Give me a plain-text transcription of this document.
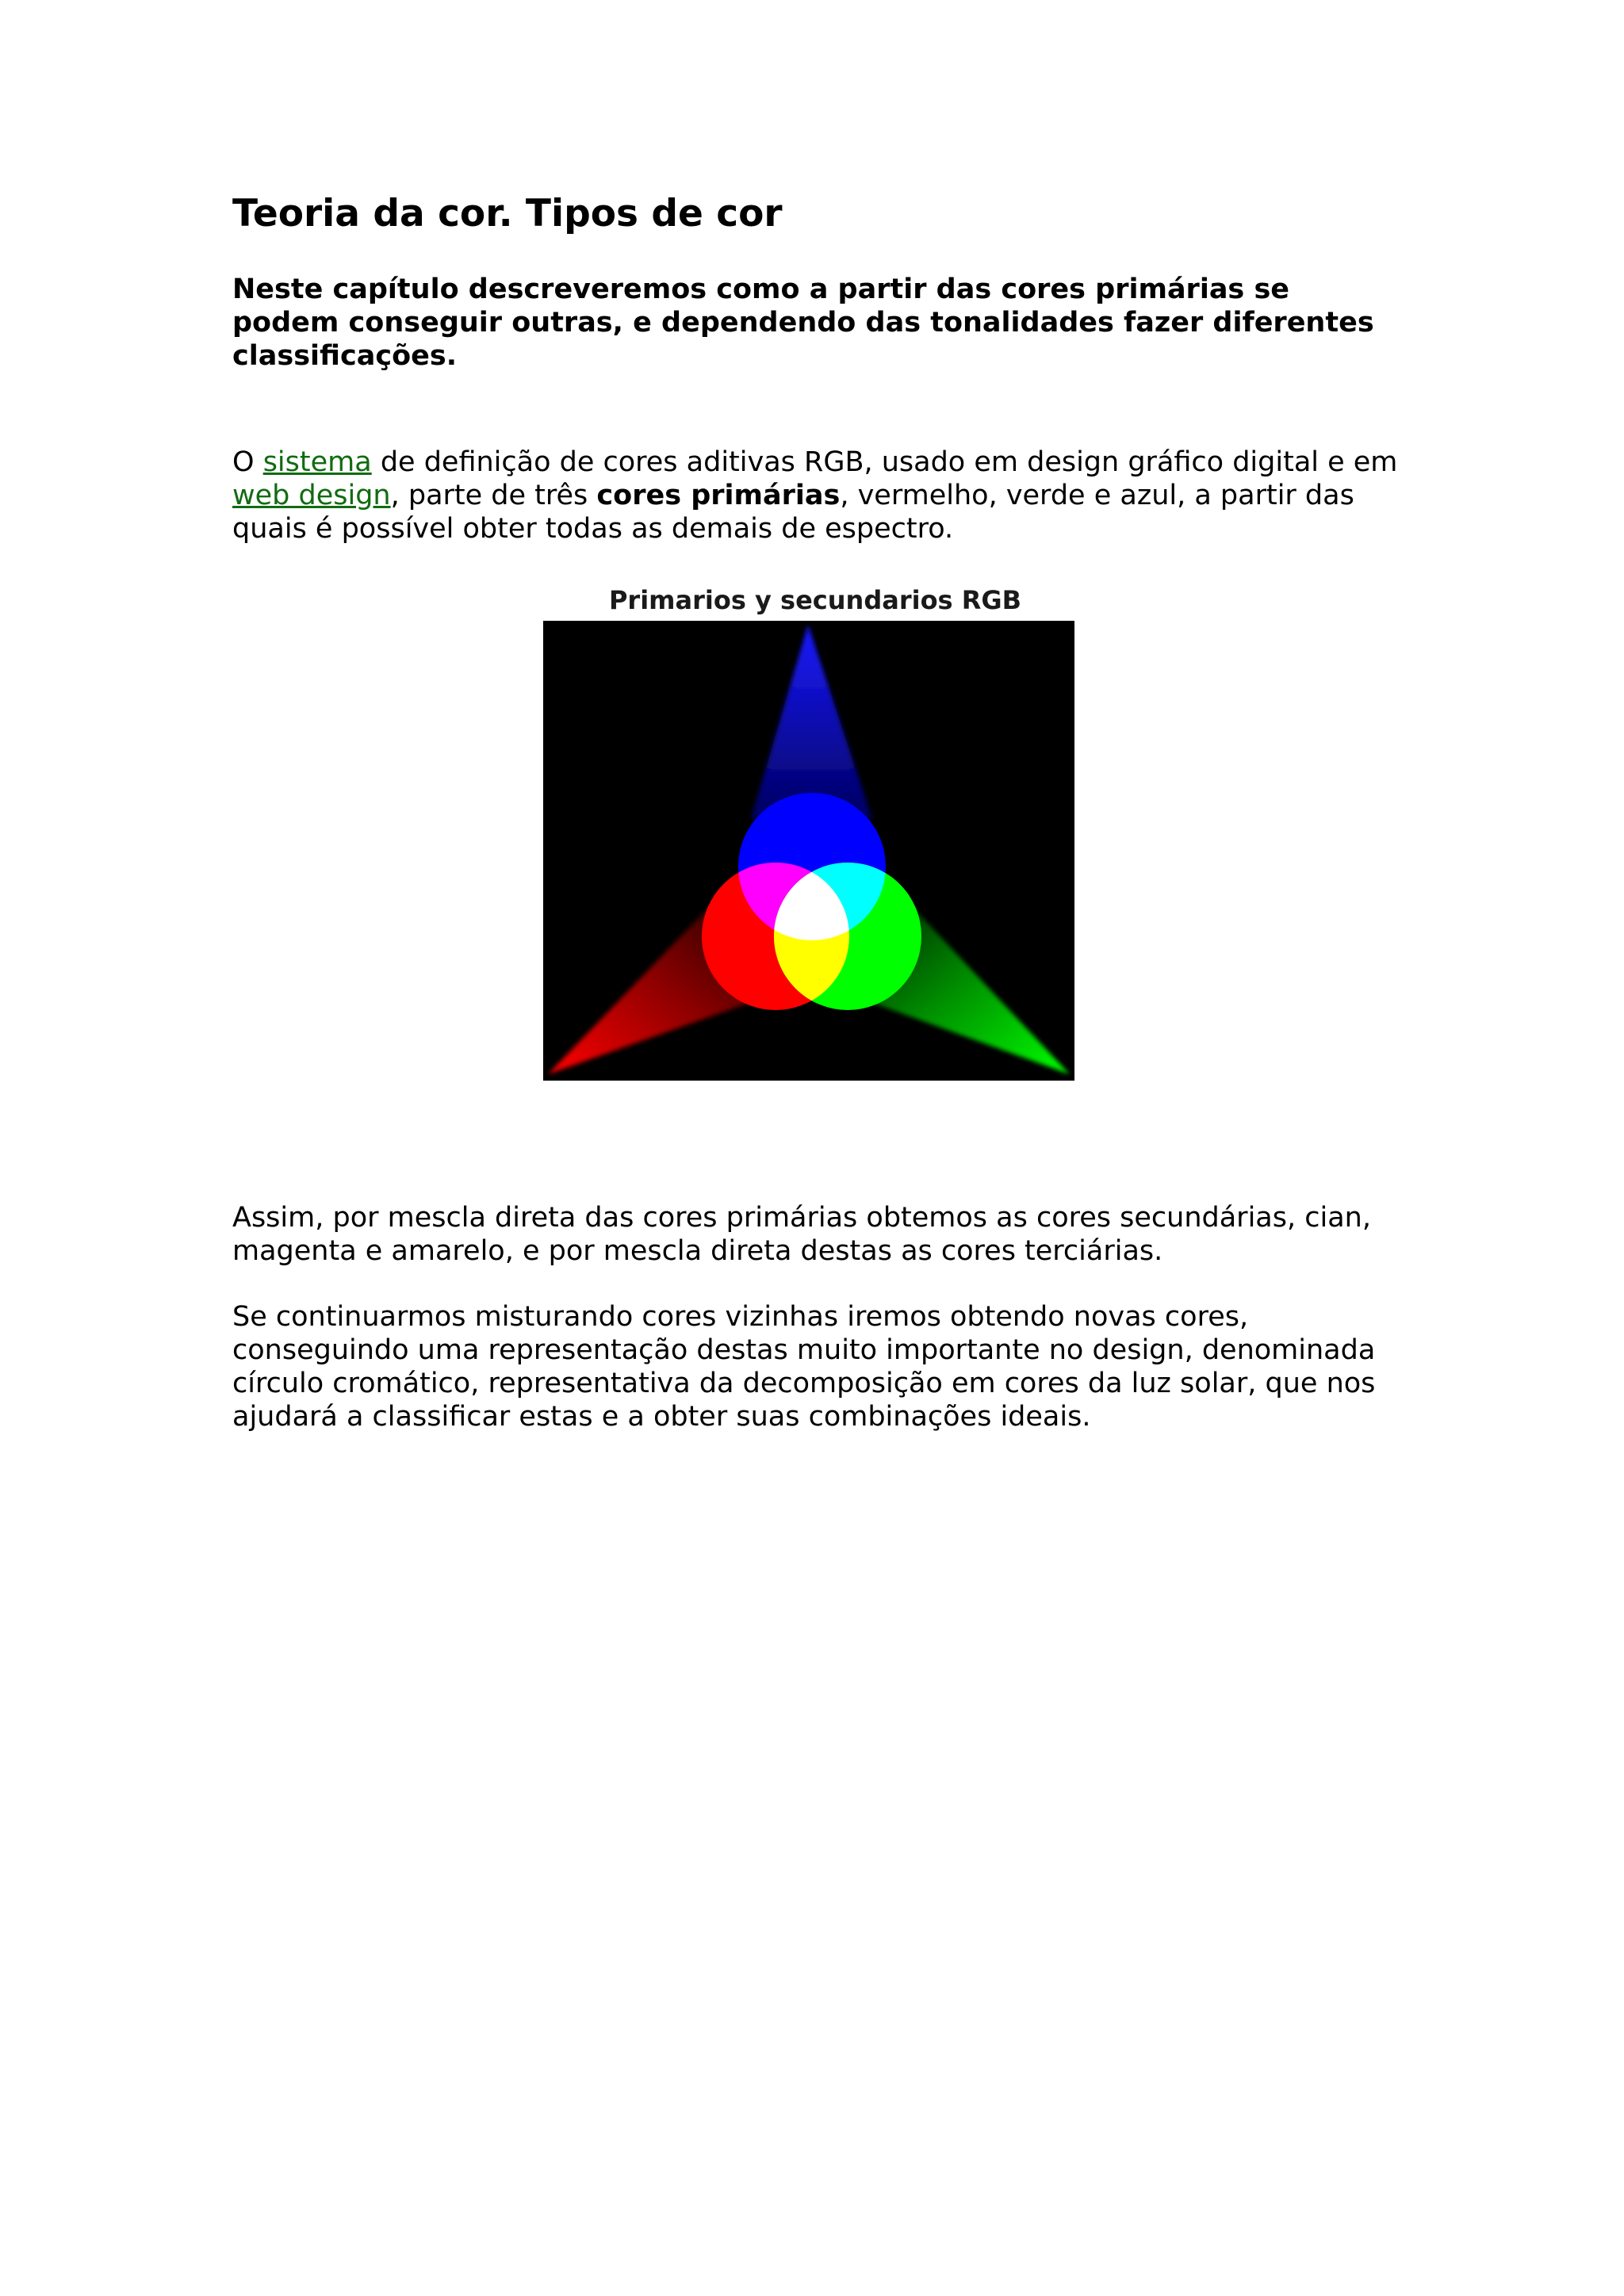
Teoria da cor. Tipos de cor

Neste capítulo descreveremos como a partir das cores primárias se podem conseguir outras, e dependendo das tonalidades fazer diferentes classificações.

O sistema de definição de cores aditivas RGB, usado em design gráfico digital e em web design, parte de três cores primárias, vermelho, verde e azul, a partir das quais é possível obter todas as demais de espectro.

Primarios y secundarios RGB

Assim, por mescla direta das cores primárias obtemos as cores secundárias, cian, magenta e amarelo, e por mescla direta destas as cores terciárias.

Se continuarmos misturando cores vizinhas iremos obtendo novas cores, conseguindo uma representação destas muito importante no design, denominada círculo cromático, representativa da decomposição em cores da luz solar, que nos ajudará a classificar estas e a obter suas combinações ideais.
